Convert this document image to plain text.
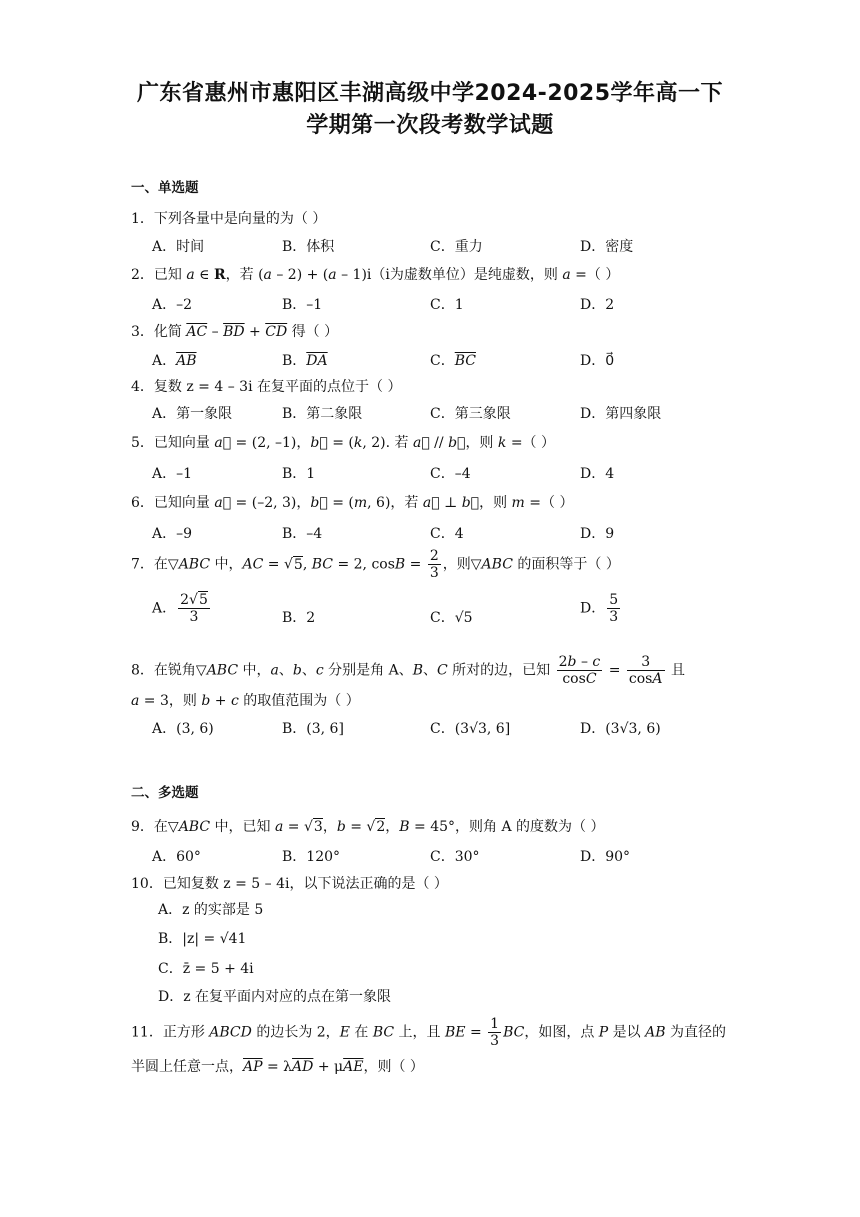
广东省惠州市惠阳区丰湖高级中学2024-2025学年高一下
学期第一次段考数学试题
一、单选题
1．下列各量中是向量的为（ ）
A．时间	B．体积	C．重力	D．密度
2．已知 a ∈ R，若 (a – 2) + (a – 1)i（i为虚数单位）是纯虚数，则 a =（ ）
A．–2	B．–1	C．1	D．2
3．化简 $\overline{AC} - \overline{BD} + \overline{CD}$ 得（ ）
A．$\overline{AB}$	B．$\overline{DA}$	C．$\overline{BC}$	D．0⃗
4．复数 z = 4 – 3i 在复平面的点位于（ ）
A．第一象限	B．第二象限	C．第三象限	D．第四象限
5．已知向量 a⃗ = (2, –1)，b⃗ = (k, 2). 若 a⃗ // b⃗，则 k =（ ）
A．–1	B．1	C．–4	D．4
6．已知向量 a⃗ = (–2, 3)，b⃗ = (m, 6)，若 a⃗ ⊥ b⃗，则 m =（ ）
A．–9	B．–4	C．4	D．9
7．在▽ABC 中，AC = √5, BC = 2, $\cos B = \frac{2}{3}$ ，则▽ABC 的面积等于（ ）
A． $\frac{2√5}{3}$	B．2	C．√5
D． $\frac{5}{3}$
8．在锐角▽ABC 中，a、b、c 分别是角 A、B、C 所对的边，已知 $\frac{2b - c}{\cos C} = \frac{3}{\cos A}$ 且
a = 3，则 b + c 的取值范围为（ ）
A．(3, 6)	B．(3, 6]	C．(3√3, 6]	D．(3√3, 6)
二、多选题
9．在▽ABC 中，已知 a = √3，b = √2，B = 45°，则角 A 的度数为（ ）
A．60°	B．120°	C．30°	D．90°
10．已知复数 z = 5 – 4i，以下说法正确的是（ ）
A．z 的实部是 5
B．|z| = √41
C．z̄ = 5 + 4i
D．z 在复平面内对应的点在第一象限
11．正方形 ABCD 的边长为 2，E 在 BC 上，且 BE = $\frac{1}{3}$ BC，如图，点 P 是以 AB 为直径的
半圆上任意一点，$\overline{AP} = \lambda\overline{AD} + \mu\overline{AE}$，则（ ）
